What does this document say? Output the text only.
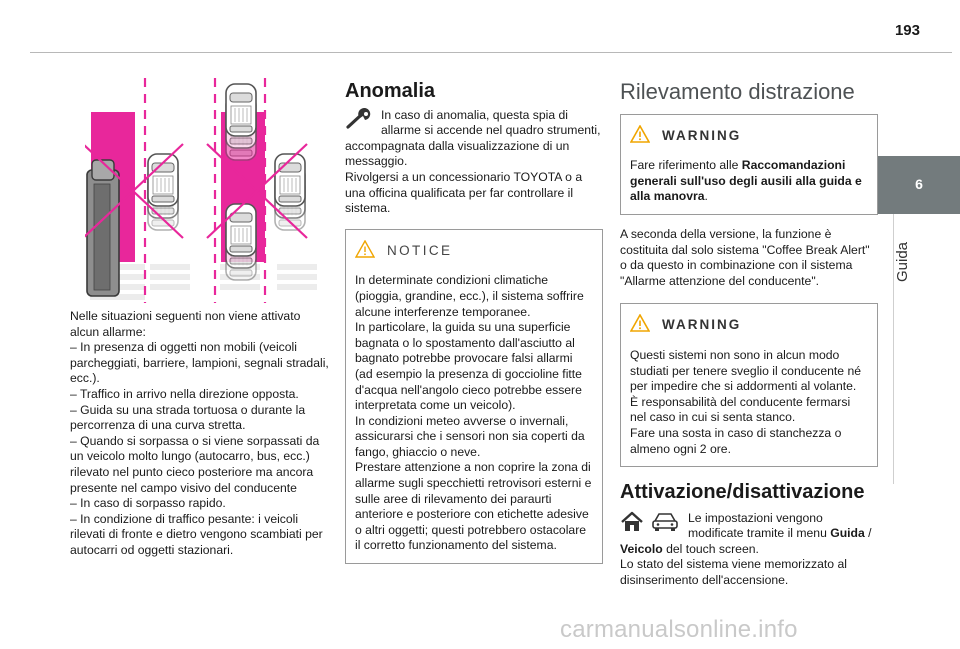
193
6
Guida

Nelle situazioni seguenti non viene attivato alcun allarme:

– In presenza di oggetti non mobili (veicoli parcheggiati, barriere, lampioni, segnali stradali, ecc.).

– Traffico in arrivo nella direzione opposta.

– Guida su una strada tortuosa o durante la percorrenza di una curva stretta.

– Quando si sorpassa o si viene sorpassati da un veicolo molto lungo (autocarro, bus, ecc.) rilevato nel punto cieco posteriore ma ancora presente nel campo visivo del conducente

– In caso di sorpasso rapido.

– In condizione di traffico pesante: i veicoli rilevati di fronte e dietro vengono scambiati per autocarri od oggetti stazionari.

Anomalia

In caso di anomalia, questa spia di allarme si accende nel quadro strumenti, accompagnata dalla visualizzazione di un messaggio.

Rivolgersi a un concessionario TOYOTA o a una officina qualificata per far controllare il sistema.

NOTICE

In determinate condizioni climatiche (pioggia, grandine, ecc.), il sistema soffrire alcune interferenze temporanee.

In particolare, la guida su una superficie bagnata o lo spostamento dall'asciutto al bagnato potrebbe provocare falsi allarmi (ad esempio la presenza di goccioline fitte d'acqua nell'angolo cieco potrebbe essere interpretata come un veicolo).

In condizioni meteo avverse o invernali, assicurarsi che i sensori non sia coperti da fango, ghiaccio o neve.

Prestare attenzione a non coprire la zona di allarme sugli specchietti retrovisori esterni e sulle aree di rilevamento dei paraurti anteriore e posteriore con etichette adesive o altri oggetti; questi potrebbero ostacolare il corretto funzionamento del sistema.

Rilevamento distrazione
WARNING

Fare riferimento alle Raccomandazioni generali sull'uso degli ausili alla guida e alla manovra.

A seconda della versione, la funzione è costituita dal solo sistema "Coffee Break Alert" o da questo in combinazione con il sistema "Allarme attenzione del conducente".

WARNING

Questi sistemi non sono in alcun modo studiati per tenere sveglio il conducente né per impedire che si addormenti al volante.

È responsabilità del conducente fermarsi nel caso in cui si senta stanco.

Fare una sosta in caso di stanchezza o almeno ogni 2 ore.

Attivazione/disattivazione

Le impostazioni vengono modificate tramite il menu Guida / Veicolo del touch screen.

Lo stato del sistema viene memorizzato al disinserimento dell'accensione.

carmanualsonline.info
